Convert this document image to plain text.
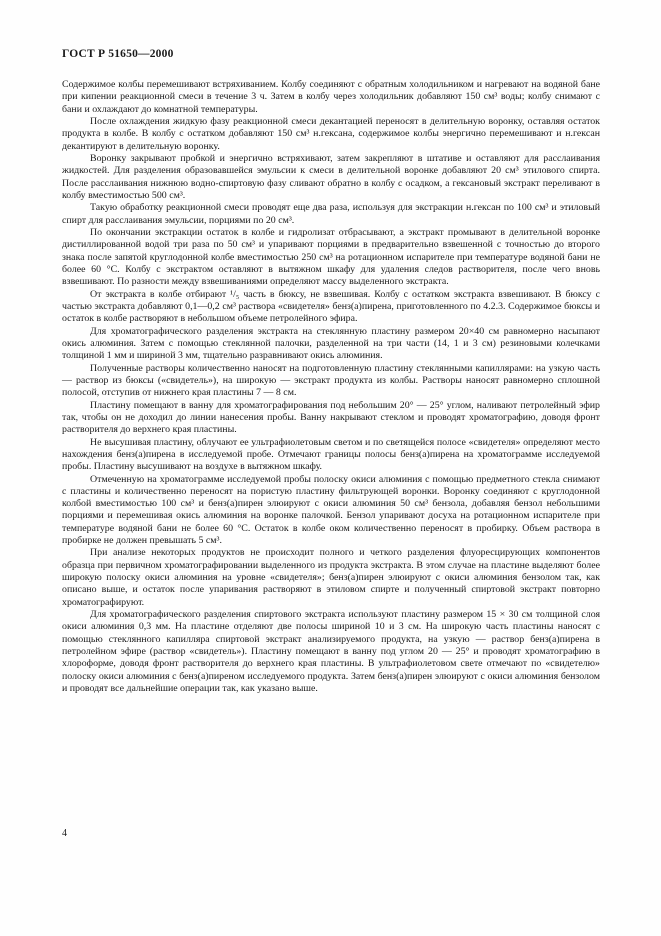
ГОСТ Р 51650—2000

Содержимое колбы перемешивают встряхиванием. Колбу соединяют с обратным холодильником и нагревают на водяной бане при кипении реакционной смеси в течение 3 ч. Затем в колбу через холодильник добавляют 150 см³ воды; колбу снимают с бани и охлаждают до комнатной температуры.

После охлаждения жидкую фазу реакционной смеси декантацией переносят в делительную воронку, оставляя остаток продукта в колбе. В колбу с остатком добавляют 150 см³ н.гексана, содержимое колбы энергично перемешивают и н.гексан декантируют в делительную воронку.

Воронку закрывают пробкой и энергично встряхивают, затем закрепляют в штативе и оставляют для расслаивания жидкостей. Для разделения образовавшейся эмульсии к смеси в делительной воронке добавляют 20 см³ этилового спирта. После расслаивания нижнюю водно-спиртовую фазу сливают обратно в колбу с осадком, а гексановый экстракт переливают в колбу вместимостью 500 см³.

Такую обработку реакционной смеси проводят еще два раза, используя для экстракции н.гексан по 100 см³ и этиловый спирт для расслаивания эмульсии, порциями по 20 см³.

По окончании экстракции остаток в колбе и гидролизат отбрасывают, а экстракт промывают в делительной воронке дистиллированной водой три раза по 50 см³ и упаривают порциями в предварительно взвешенной с точностью до второго знака после запятой круглодонной колбе вместимостью 250 см³ на ротационном испарителе при температуре водяной бани не более 60 °С. Колбу с экстрактом оставляют в вытяжном шкафу для удаления следов растворителя, после чего вновь взвешивают. По разности между взвешиваниями определяют массу выделенного экстракта.

От экстракта в колбе отбирают ¹/₅ часть в бюксу, не взвешивая. Колбу с остатком экстракта взвешивают. В бюксу с частью экстракта добавляют 0,1—0,2 см³ раствора «свидетеля» бенз(а)пирена, приготовленного по 4.2.3. Содержимое бюксы и остаток в колбе растворяют в небольшом объеме петролейного эфира.

Для хроматографического разделения экстракта на стеклянную пластину размером 20×40 см равномерно насыпают окись алюминия. Затем с помощью стеклянной палочки, разделенной на три части (14, 1 и 3 см) резиновыми колечками толщиной 1 мм и шириной 3 мм, тщательно разравнивают окись алюминия.

Полученные растворы количественно наносят на подготовленную пластину стеклянными капиллярами: на узкую часть — раствор из бюксы («свидетель»), на широкую — экстракт продукта из колбы. Растворы наносят равномерно сплошной полосой, отступив от нижнего края пластины 7 — 8 см.

Пластину помещают в ванну для хроматографирования под небольшим 20° — 25° углом, наливают петролейный эфир так, чтобы он не доходил до линии нанесения пробы. Ванну накрывают стеклом и проводят хроматографию, доводя фронт растворителя до верхнего края пластины.

Не высушивая пластину, облучают ее ультрафиолетовым светом и по светящейся полосе «свидетеля» определяют место нахождения бенз(а)пирена в исследуемой пробе. Отмечают границы полосы бенз(а)пирена на хроматограмме исследуемой пробы. Пластину высушивают на воздухе в вытяжном шкафу.

Отмеченную на хроматограмме исследуемой пробы полоску окиси алюминия с помощью предметного стекла снимают с пластины и количественно переносят на пористую пластину фильтрующей воронки. Воронку соединяют с круглодонной колбой вместимостью 100 см³ и бенз(а)пирен элюируют с окиси алюминия 50 см³ бензола, добавляя бензол небольшими порциями и перемешивая окись алюминия на воронке палочкой. Бензол упаривают досуха на ротационном испарителе при температуре водяной бани не более 60 °С. Остаток в колбе оком количественно переносят в пробирку. Объем раствора в пробирке не должен превышать 5 см³.

При анализе некоторых продуктов не происходит полного и четкого разделения флуоресцирующих компонентов образца при первичном хроматографировании выделенного из продукта экстракта. В этом случае на пластине выделяют более широкую полоску окиси алюминия на уровне «свидетеля»; бенз(а)пирен элюируют с окиси алюминия бензолом так, как описано выше, и остаток после упаривания растворяют в этиловом спирте и полученный спиртовой экстракт повторно хроматографируют.

Для хроматографического разделения спиртового экстракта используют пластину размером 15 × 30 см толщиной слоя окиси алюминия 0,3 мм. На пластине отделяют две полосы шириной 10 и 3 см. На широкую часть пластины наносят с помощью стеклянного капилляра спиртовой экстракт анализируемого продукта, на узкую — раствор бенз(а)пирена в петролейном эфире (раствор «свидетель»). Пластину помещают в ванну под углом 20 — 25° и проводят хроматографию в хлороформе, доводя фронт растворителя до верхнего края пластины. В ультрафиолетовом свете отмечают по «свидетелю» полоску окиси алюминия с бенз(а)пиреном исследуемого продукта. Затем бенз(а)пирен элюируют с окиси алюминия бензолом и проводят все дальнейшие операции так, как указано выше.

4
